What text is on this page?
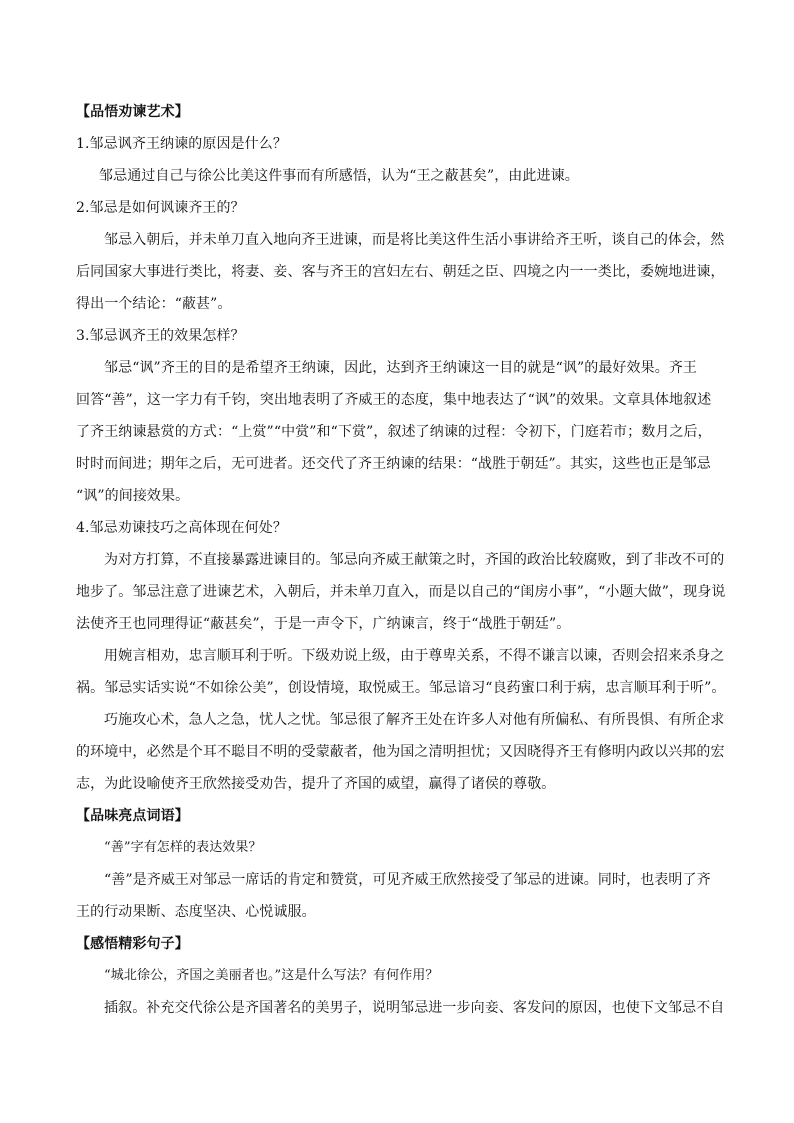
【品悟劝谏艺术】
1.邹忌讽齐王纳谏的原因是什么？
邹忌通过自己与徐公比美这件事而有所感悟，认为“王之蔽甚矣”，由此进谏。
2.邹忌是如何讽谏齐王的？
邹忌入朝后，并未单刀直入地向齐王进谏，而是将比美这件生活小事讲给齐王听，谈自己的体会，然
后同国家大事进行类比，将妻、妾、客与齐王的宫妇左右、朝廷之臣、四境之内一一类比，委婉地进谏，
得出一个结论：“蔽甚”。
3.邹忌讽齐王的效果怎样？
邹忌“讽”齐王的目的是希望齐王纳谏，因此，达到齐王纳谏这一目的就是“讽”的最好效果。齐王
回答“善”，这一字力有千钧，突出地表明了齐威王的态度，集中地表达了“讽”的效果。文章具体地叙述
了齐王纳谏悬赏的方式：“上赏”“中赏”和“下赏”，叙述了纳谏的过程：令初下，门庭若市；数月之后，
时时而间进；期年之后，无可进者。还交代了齐王纳谏的结果：“战胜于朝廷”。其实，这些也正是邹忌
“讽”的间接效果。
4.邹忌劝谏技巧之高体现在何处？
为对方打算，不直接暴露进谏目的。邹忌向齐威王献策之时，齐国的政治比较腐败，到了非改不可的
地步了。邹忌注意了进谏艺术，入朝后，并未单刀直入，而是以自己的“闺房小事”，“小题大做”，现身说
法使齐王也同理得证“蔽甚矣”，于是一声令下，广纳谏言，终于“战胜于朝廷”。
用婉言相劝，忠言顺耳利于听。下级劝说上级，由于尊卑关系，不得不谦言以谏，否则会招来杀身之
祸。邹忌实话实说“不如徐公美”，创设情境，取悦威王。邹忌谙习“良药蜜口利于病，忠言顺耳利于听”。
巧施攻心术，急人之急，忧人之忧。邹忌很了解齐王处在许多人对他有所偏私、有所畏惧、有所企求
的环境中，必然是个耳不聪目不明的受蒙蔽者，他为国之清明担忧；又因晓得齐王有修明内政以兴邦的宏
志，为此设喻使齐王欣然接受劝告，提升了齐国的威望，赢得了诸侯的尊敬。
【品味亮点词语】
“善”字有怎样的表达效果？
“善”是齐威王对邹忌一席话的肯定和赞赏，可见齐威王欣然接受了邹忌的进谏。同时，也表明了齐
王的行动果断、态度坚决、心悦诚服。
【感悟精彩句子】
“城北徐公，齐国之美丽者也。”这是什么写法？有何作用？
插叙。补充交代徐公是齐国著名的美男子，说明邹忌进一步向妾、客发问的原因，也使下文邹忌不自
